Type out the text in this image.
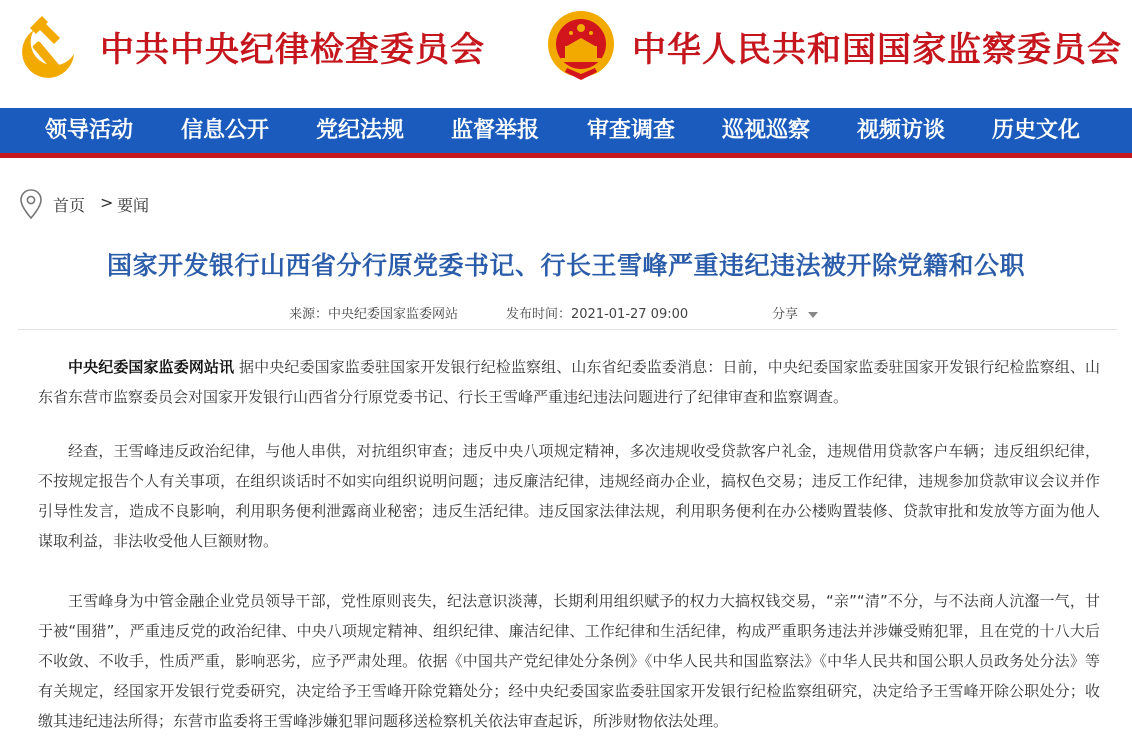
中共中央纪律检查委员会	中华人民共和国国家监察委员会
领导活动 信息公开 党纪法规 监督举报 审查调查 巡视巡察 视频访谈 历史文化
首页 > 要闻
国家开发银行山西省分行原党委书记、行长王雪峰严重违纪违法被开除党籍和公职
来源：中央纪委国家监委网站	发布时间：2021-01-27 09:00	分享

中央纪委国家监委网站讯 据中央纪委国家监委驻国家开发银行纪检监察组、山东省纪委监委消息：日前，中央纪委国家监委驻国家开发银行纪检监察组、山东省东营市监察委员会对国家开发银行山西省分行原党委书记、行长王雪峰严重违纪违法问题进行了纪律审查和监察调查。

经查，王雪峰违反政治纪律，与他人串供，对抗组织审查；违反中央八项规定精神，多次违规收受贷款客户礼金，违规借用贷款客户车辆；违反组织纪律，不按规定报告个人有关事项，在组织谈话时不如实向组织说明问题；违反廉洁纪律，违规经商办企业，搞权色交易；违反工作纪律，违规参加贷款审议会议并作引导性发言，造成不良影响，利用职务便利泄露商业秘密；违反生活纪律。违反国家法律法规，利用职务便利在办公楼购置装修、贷款审批和发放等方面为他人谋取利益，非法收受他人巨额财物。

王雪峰身为中管金融企业党员领导干部，党性原则丧失，纪法意识淡薄，长期利用组织赋予的权力大搞权钱交易，“亲”“清”不分，与不法商人沆瀣一气，甘于被“围猎”，严重违反党的政治纪律、中央八项规定精神、组织纪律、廉洁纪律、工作纪律和生活纪律，构成严重职务违法并涉嫌受贿犯罪，且在党的十八大后不收敛、不收手，性质严重，影响恶劣，应予严肃处理。依据《中国共产党纪律处分条例》《中华人民共和国监察法》《中华人民共和国公职人员政务处分法》等有关规定，经国家开发银行党委研究，决定给予王雪峰开除党籍处分；经中央纪委国家监委驻国家开发银行纪检监察组研究，决定给予王雪峰开除公职处分；收缴其违纪违法所得；东营市监委将王雪峰涉嫌犯罪问题移送检察机关依法审查起诉，所涉财物依法处理。
